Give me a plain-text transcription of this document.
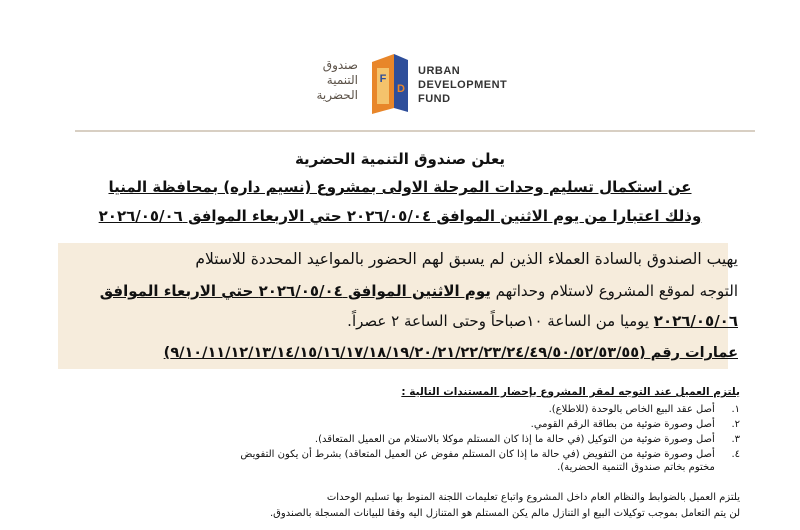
صندوق
التنمية
الحضرية
F
D
URBAN
DEVELOPMENT
FUND
يعلن صندوق التنمية الحضرية
عن استكمال تسليم وحدات المرحلة الاولى بمشروع (نسيم داره) بمحافظة المنيا
وذلك اعتبارا من يوم الاثنين الموافق ٢٠٢٦/٠٥/٠٤ حتي الاربعاء الموافق ٢٠٢٦/٠٥/٠٦
يهيب الصندوق بالسادة العملاء الذين لم يسبق لهم الحضور بالمواعيد المحددة للاستلام
التوجه لموقع المشروع لاستلام وحداتهم يوم الاثنين الموافق ٢٠٢٦/٠٥/٠٤ حتي الاربعاء الموافق
٢٠٢٦/٠٥/٠٦ يوميا من الساعة ١٠صباحاً وحتى الساعة ٢ عصراً.
عمارات رقم (٩/١٠/١١/١٢/١٣/١٤/١٥/١٦/١٧/١٨/١٩/٢٠/٢١/٢٢/٢٣/٢٤/٤٩/٥٠/٥٢/٥٣/٥٥)
يلتزم العميل عند التوجه لمقر المشروع بإحضار المستندات التالية :
١. أصل عقد البيع الخاص بالوحدة (للاطلاع).
٢. أصل وصورة ضوئية من بطاقة الرقم القومي.
٣. أصل وصورة ضوئية من التوكيل (في حالة ما إذا كان المستلم موكلا بالاستلام من العميل المتعاقد).
٤. أصل وصورة ضوئية من التفويض (في حالة ما إذا كان المستلم مفوض عن العميل المتعاقد) بشرط أن يكون التفويض
مختوم بخاتم صندوق التنمية الحضرية).
يلتزم العميل بالضوابط والنظام العام داخل المشروع واتباع تعليمات اللجنة المنوط بها تسليم الوحدات
لن يتم التعامل بموجب توكيلات البيع او التنازل مالم يكن المستلم هو المتنازل اليه وفقا للبيانات المسجلة بالصندوق.
